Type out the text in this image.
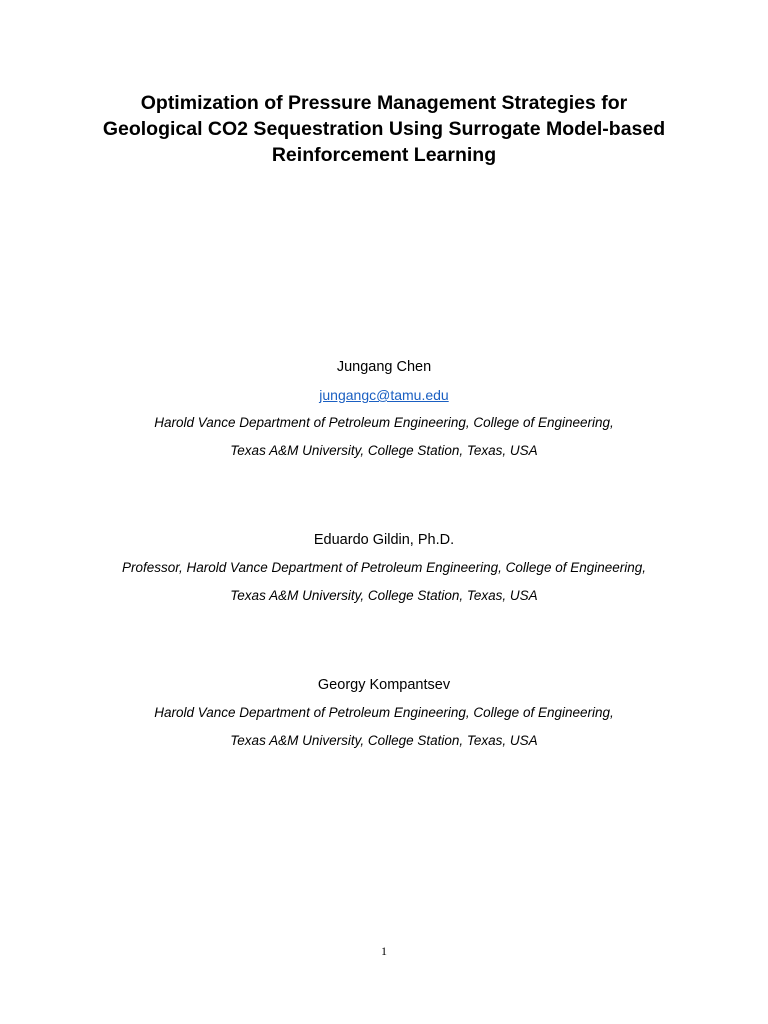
Optimization of Pressure Management Strategies for
Geological CO2 Sequestration Using Surrogate Model-based
Reinforcement Learning
Jungang Chen
jungangc@tamu.edu
Harold Vance Department of Petroleum Engineering, College of Engineering,
Texas A&M University, College Station, Texas, USA
Eduardo Gildin, Ph.D.
Professor, Harold Vance Department of Petroleum Engineering, College of Engineering,
Texas A&M University, College Station, Texas, USA
Georgy Kompantsev
Harold Vance Department of Petroleum Engineering, College of Engineering,
Texas A&M University, College Station, Texas, USA
1
